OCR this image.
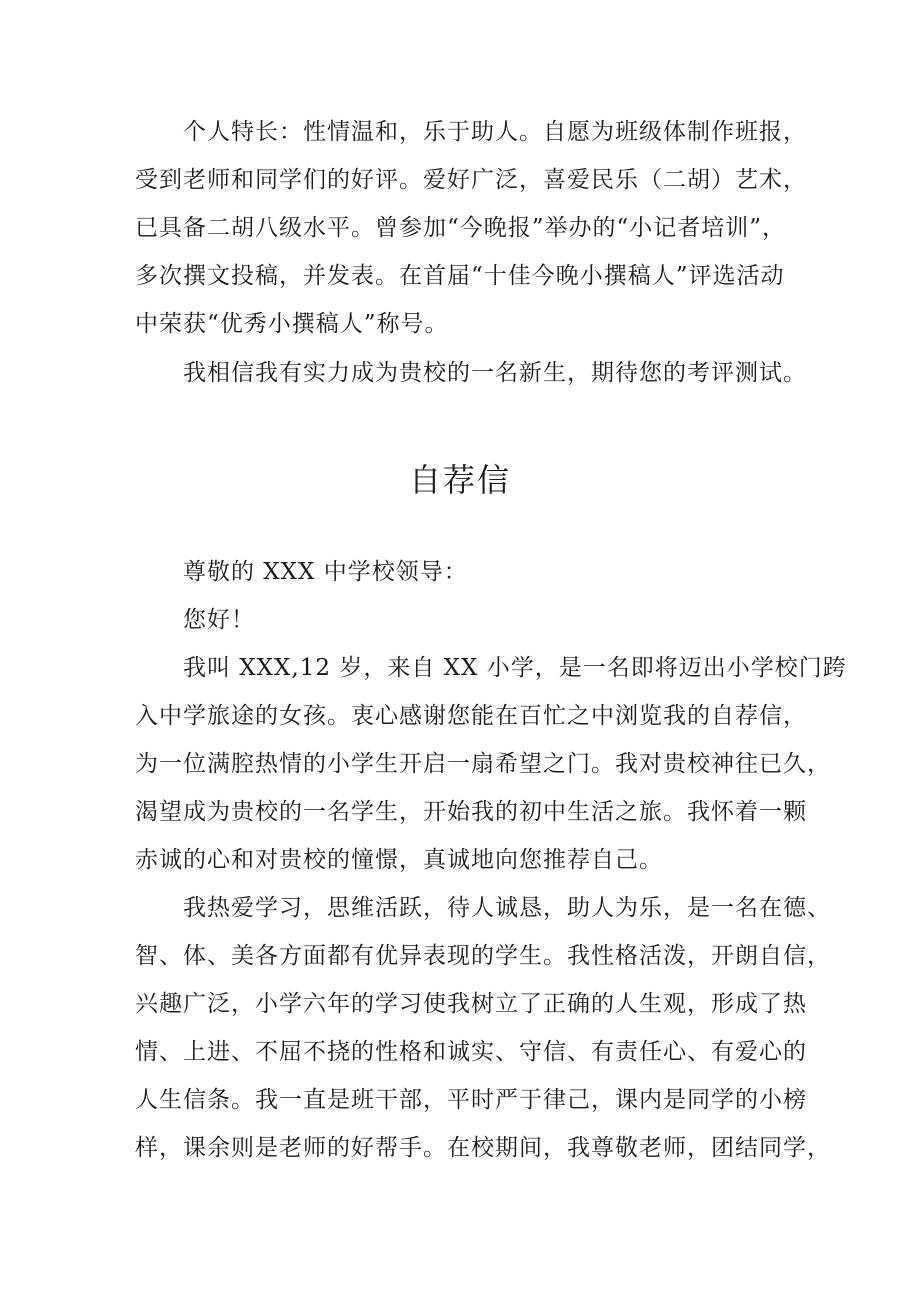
个人特长：性情温和，乐于助人。自愿为班级体制作班报，
受到老师和同学们的好评。爱好广泛，喜爱民乐（二胡）艺术，
已具备二胡八级水平。曾参加“今晚报”举办的“小记者培训”，
多次撰文投稿，并发表。在首届“十佳今晚小撰稿人”评选活动
中荣获“优秀小撰稿人”称号。
我相信我有实力成为贵校的一名新生，期待您的考评测试。
自荐信
尊敬的 XXX 中学校领导：
您好！
我叫 XXX,12 岁，来自 XX 小学，是一名即将迈出小学校门跨
入中学旅途的女孩。衷心感谢您能在百忙之中浏览我的自荐信，
为一位满腔热情的小学生开启一扇希望之门。我对贵校神往已久，
渴望成为贵校的一名学生，开始我的初中生活之旅。我怀着一颗
赤诚的心和对贵校的憧憬，真诚地向您推荐自己。
我热爱学习，思维活跃，待人诚恳，助人为乐，是一名在德、
智、体、美各方面都有优异表现的学生。我性格活泼，开朗自信，
兴趣广泛，小学六年的学习使我树立了正确的人生观，形成了热
情、上进、不屈不挠的性格和诚实、守信、有责任心、有爱心的
人生信条。我一直是班干部，平时严于律己，课内是同学的小榜
样，课余则是老师的好帮手。在校期间，我尊敬老师，团结同学，
